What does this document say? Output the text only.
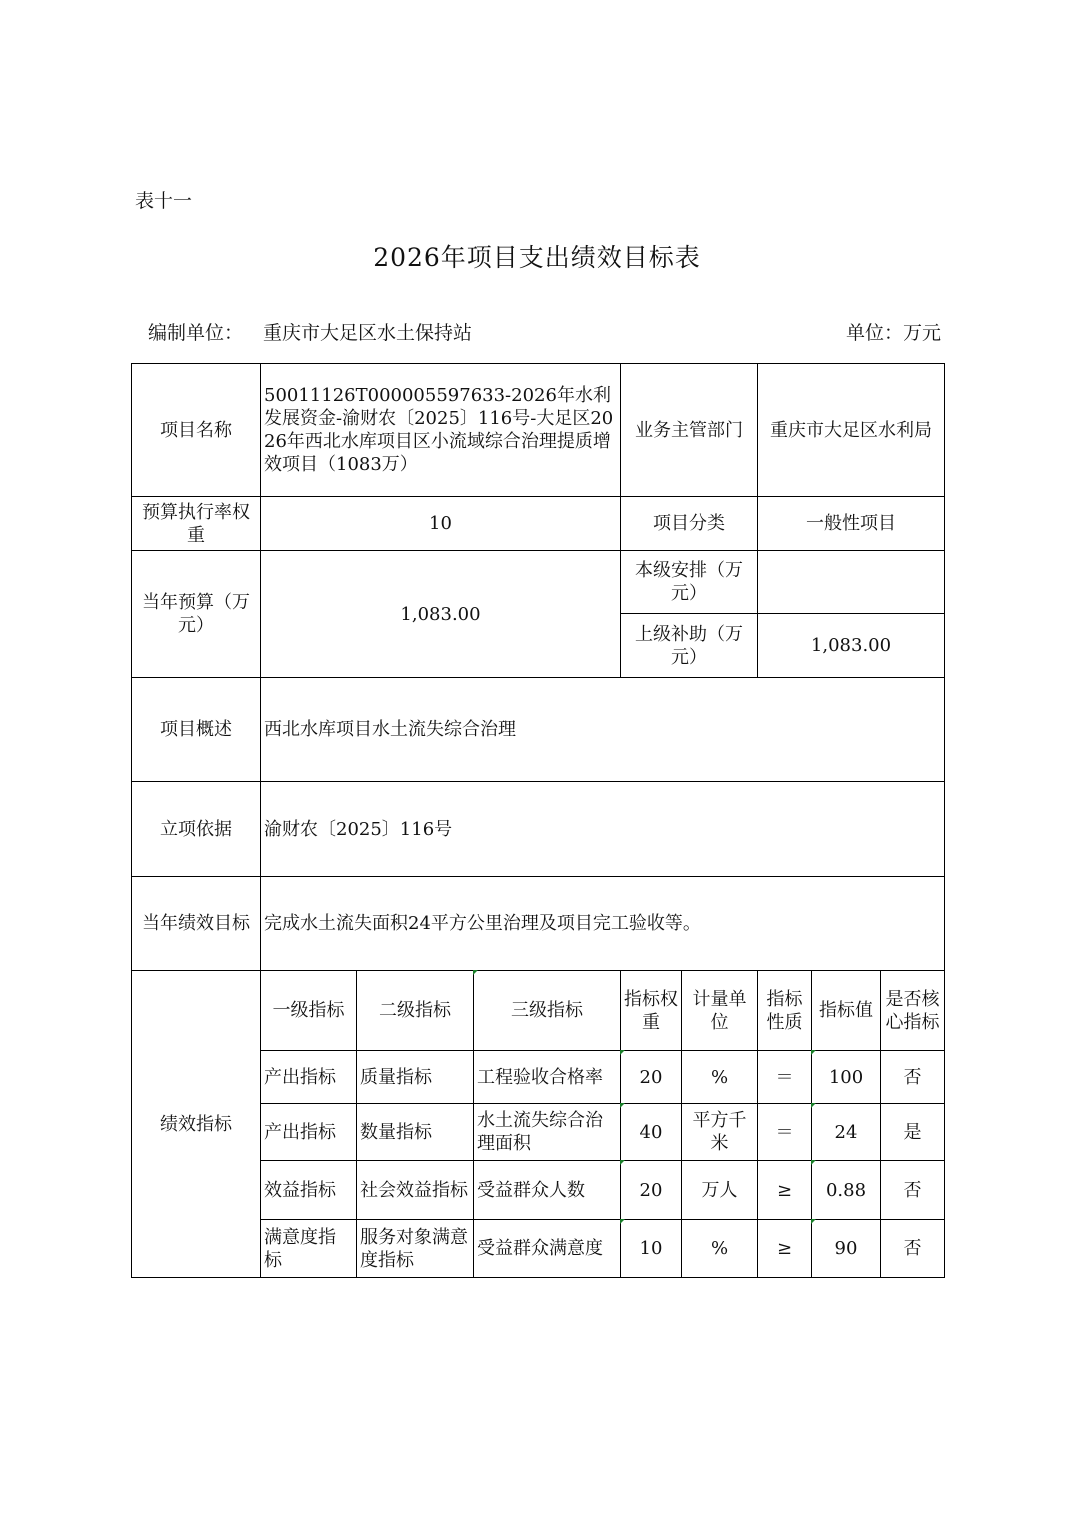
表十一
2026年项目支出绩效目标表
编制单位： 重庆市大足区水土保持站	单位：万元
项目名称	50011126T000005597633-2026年水利发展资金-渝财农〔2025〕116号-大足区2026年西北水库项目区小流域综合治理提质增效项目（1083万）			业务主管部门		重庆市大足区水利局		
预算执行率权重	10			项目分类		一般性项目		
当年预算（万元）	1,083.00			本级安排（万元）				
				上级补助（万元）		1,083.00		
项目概述	西北水库项目水土流失综合治理							
立项依据	渝财农〔2025〕116号							
当年绩效目标	完成水土流失面积24平方公里治理及项目完工验收等。							
绩效指标	一级指标	二级指标	三级指标	指标权重	计量单位	指标性质	指标值	是否核心指标
	产出指标	质量指标	工程验收合格率	20	%	＝	100	否
	产出指标	数量指标	水土流失综合治理面积	40	平方千米	＝	24	是
	效益指标	社会效益指标	受益群众人数	20	万人	≥	0.88	否
	满意度指标	服务对象满意度指标	受益群众满意度	10	%	≥	90	否
